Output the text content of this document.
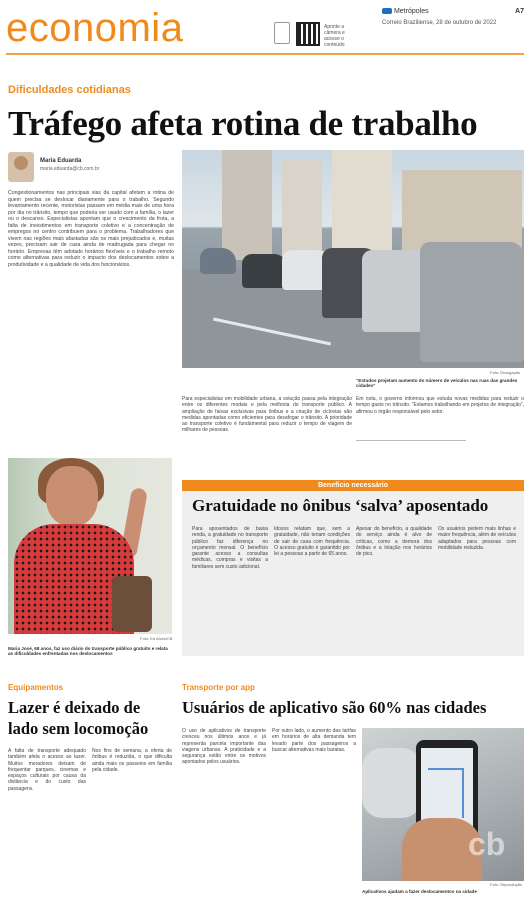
economia	Aponte a câmera e acesse o conteúdo
Metrópoles	A7
Correio Braziliense, 28 de outubro de 2022
Dificuldades cotidianas
Tráfego afeta rotina de trabalho
Maria Eduarda
maria.eduarda@cb.com.br
Congestionamentos nas principais vias da capital afetam a rotina de quem precisa se deslocar diariamente para o trabalho. Segundo levantamento recente, motoristas passam em média mais de uma hora por dia no trânsito, tempo que poderia ser usado com a família, o lazer ou o descanso. Especialistas apontam que o crescimento da frota, a falta de investimentos em transporte coletivo e a concentração de empregos no centro contribuem para o problema. Trabalhadores que vivem nas regiões mais afastadas são os mais prejudicados e, muitas vezes, precisam sair de casa ainda de madrugada para chegar no horário. Empresas têm adotado horários flexíveis e o trabalho remoto como alternativas para reduzir o impacto dos deslocamentos sobre a produtividade e a qualidade de vida dos funcionários.
Foto: Divulgação
“Estudos projetam aumento do número de veículos nas ruas das grandes cidades”
Para especialistas em mobilidade urbana, a solução passa pela integração entre os diferentes modais e pela melhoria do transporte público. A ampliação de faixas exclusivas para ônibus e a criação de ciclovias são medidas apontadas como eficientes para desafogar o trânsito. A prioridade ao transporte coletivo é fundamental para reduzir o tempo de viagem de milhares de pessoas.
Em nota, o governo informou que estuda novas medidas para reduzir o tempo gasto no trânsito. “Estamos trabalhando em projetos de integração”, afirmou o órgão responsável pelo setor.
Foto: Ed Alves/CB
Maria José, 68 anos, faz uso diário do transporte público gratuito e relata as dificuldades enfrentadas nos deslocamentos
Benefício necessário
Gratuidade no ônibus ‘salva’ aposentado
Para aposentados de baixa renda, a gratuidade no transporte público faz diferença no orçamento mensal. O benefício garante acesso a consultas médicas, compras e visitas a familiares sem custo adicional.
Idosos relatam que, sem a gratuidade, não teriam condições de sair de casa com frequência. O acesso gratuito é garantido por lei a pessoas a partir de 65 anos.
Apesar do benefício, a qualidade do serviço ainda é alvo de críticas, como a demora dos ônibus e a lotação nos horários de pico.
Os usuários pedem mais linhas e maior frequência, além de veículos adaptados para pessoas com mobilidade reduzida.
Equipamentos
Lazer é deixado de lado sem locomoção
A falta de transporte adequado também afeta o acesso ao lazer. Muitos moradores deixam de frequentar parques, cinemas e espaços culturais por causa da distância e do custo das passagens.
Nos fins de semana, a oferta de ônibus é reduzida, o que dificulta ainda mais os passeios em família pela cidade.
Transporte por app
Usuários de aplicativo são 60% nas cidades
O uso de aplicativos de transporte cresceu nos últimos anos e já representa parcela importante das viagens urbanas. A praticidade e a segurança estão entre os motivos apontados pelos usuários.
Por outro lado, o aumento das tarifas em horários de alta demanda tem levado parte dos passageiros a buscar alternativas mais baratas.
cb
Foto: Reprodução
Aplicativos ajudam a fazer deslocamentos na cidade
